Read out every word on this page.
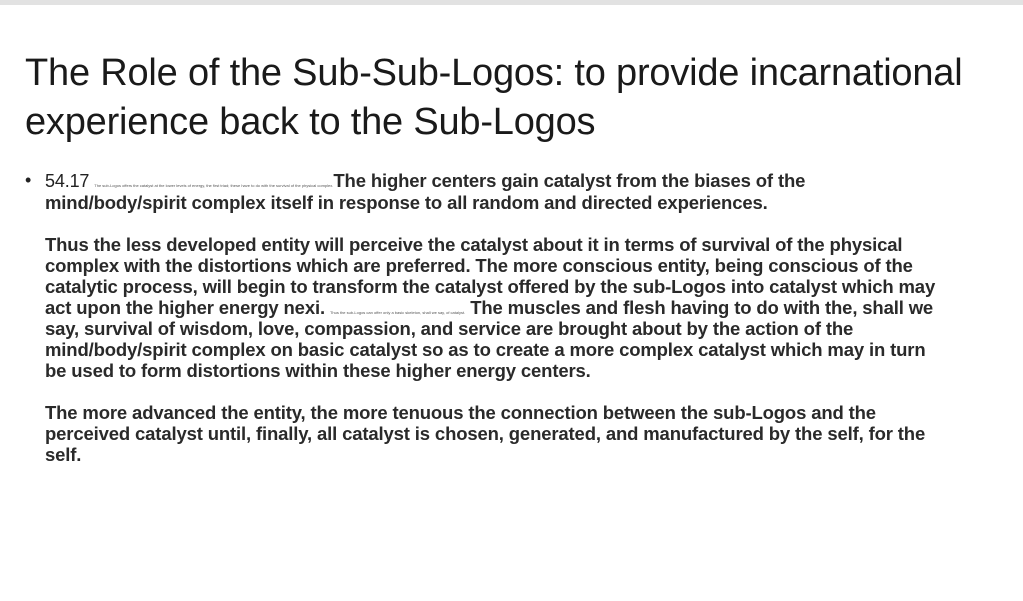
The Role of the Sub-Sub-Logos: to provide incarnational experience back to the Sub-Logos
• 54.17 The sub-Logos offers the catalyst at the lower levels of energy, the first triad; these have to do with the survival of the physical complex.The higher centers gain catalyst from the biases of the mind/body/spirit complex itself in response to all random and directed experiences.

Thus the less developed entity will perceive the catalyst about it in terms of survival of the physical complex with the distortions which are preferred. The more conscious entity, being conscious of the catalytic process, will begin to transform the catalyst offered by the sub-Logos into catalyst which may act upon the higher energy nexi. Thus the sub-Logos can offer only a basic skeleton, shall we say, of catalyst. The muscles and flesh having to do with the, shall we say, survival of wisdom, love, compassion, and service are brought about by the action of the mind/body/spirit complex on basic catalyst so as to create a more complex catalyst which may in turn be used to form distortions within these higher energy centers.

The more advanced the entity, the more tenuous the connection between the sub-Logos and the perceived catalyst until, finally, all catalyst is chosen, generated, and manufactured by the self, for the self.
